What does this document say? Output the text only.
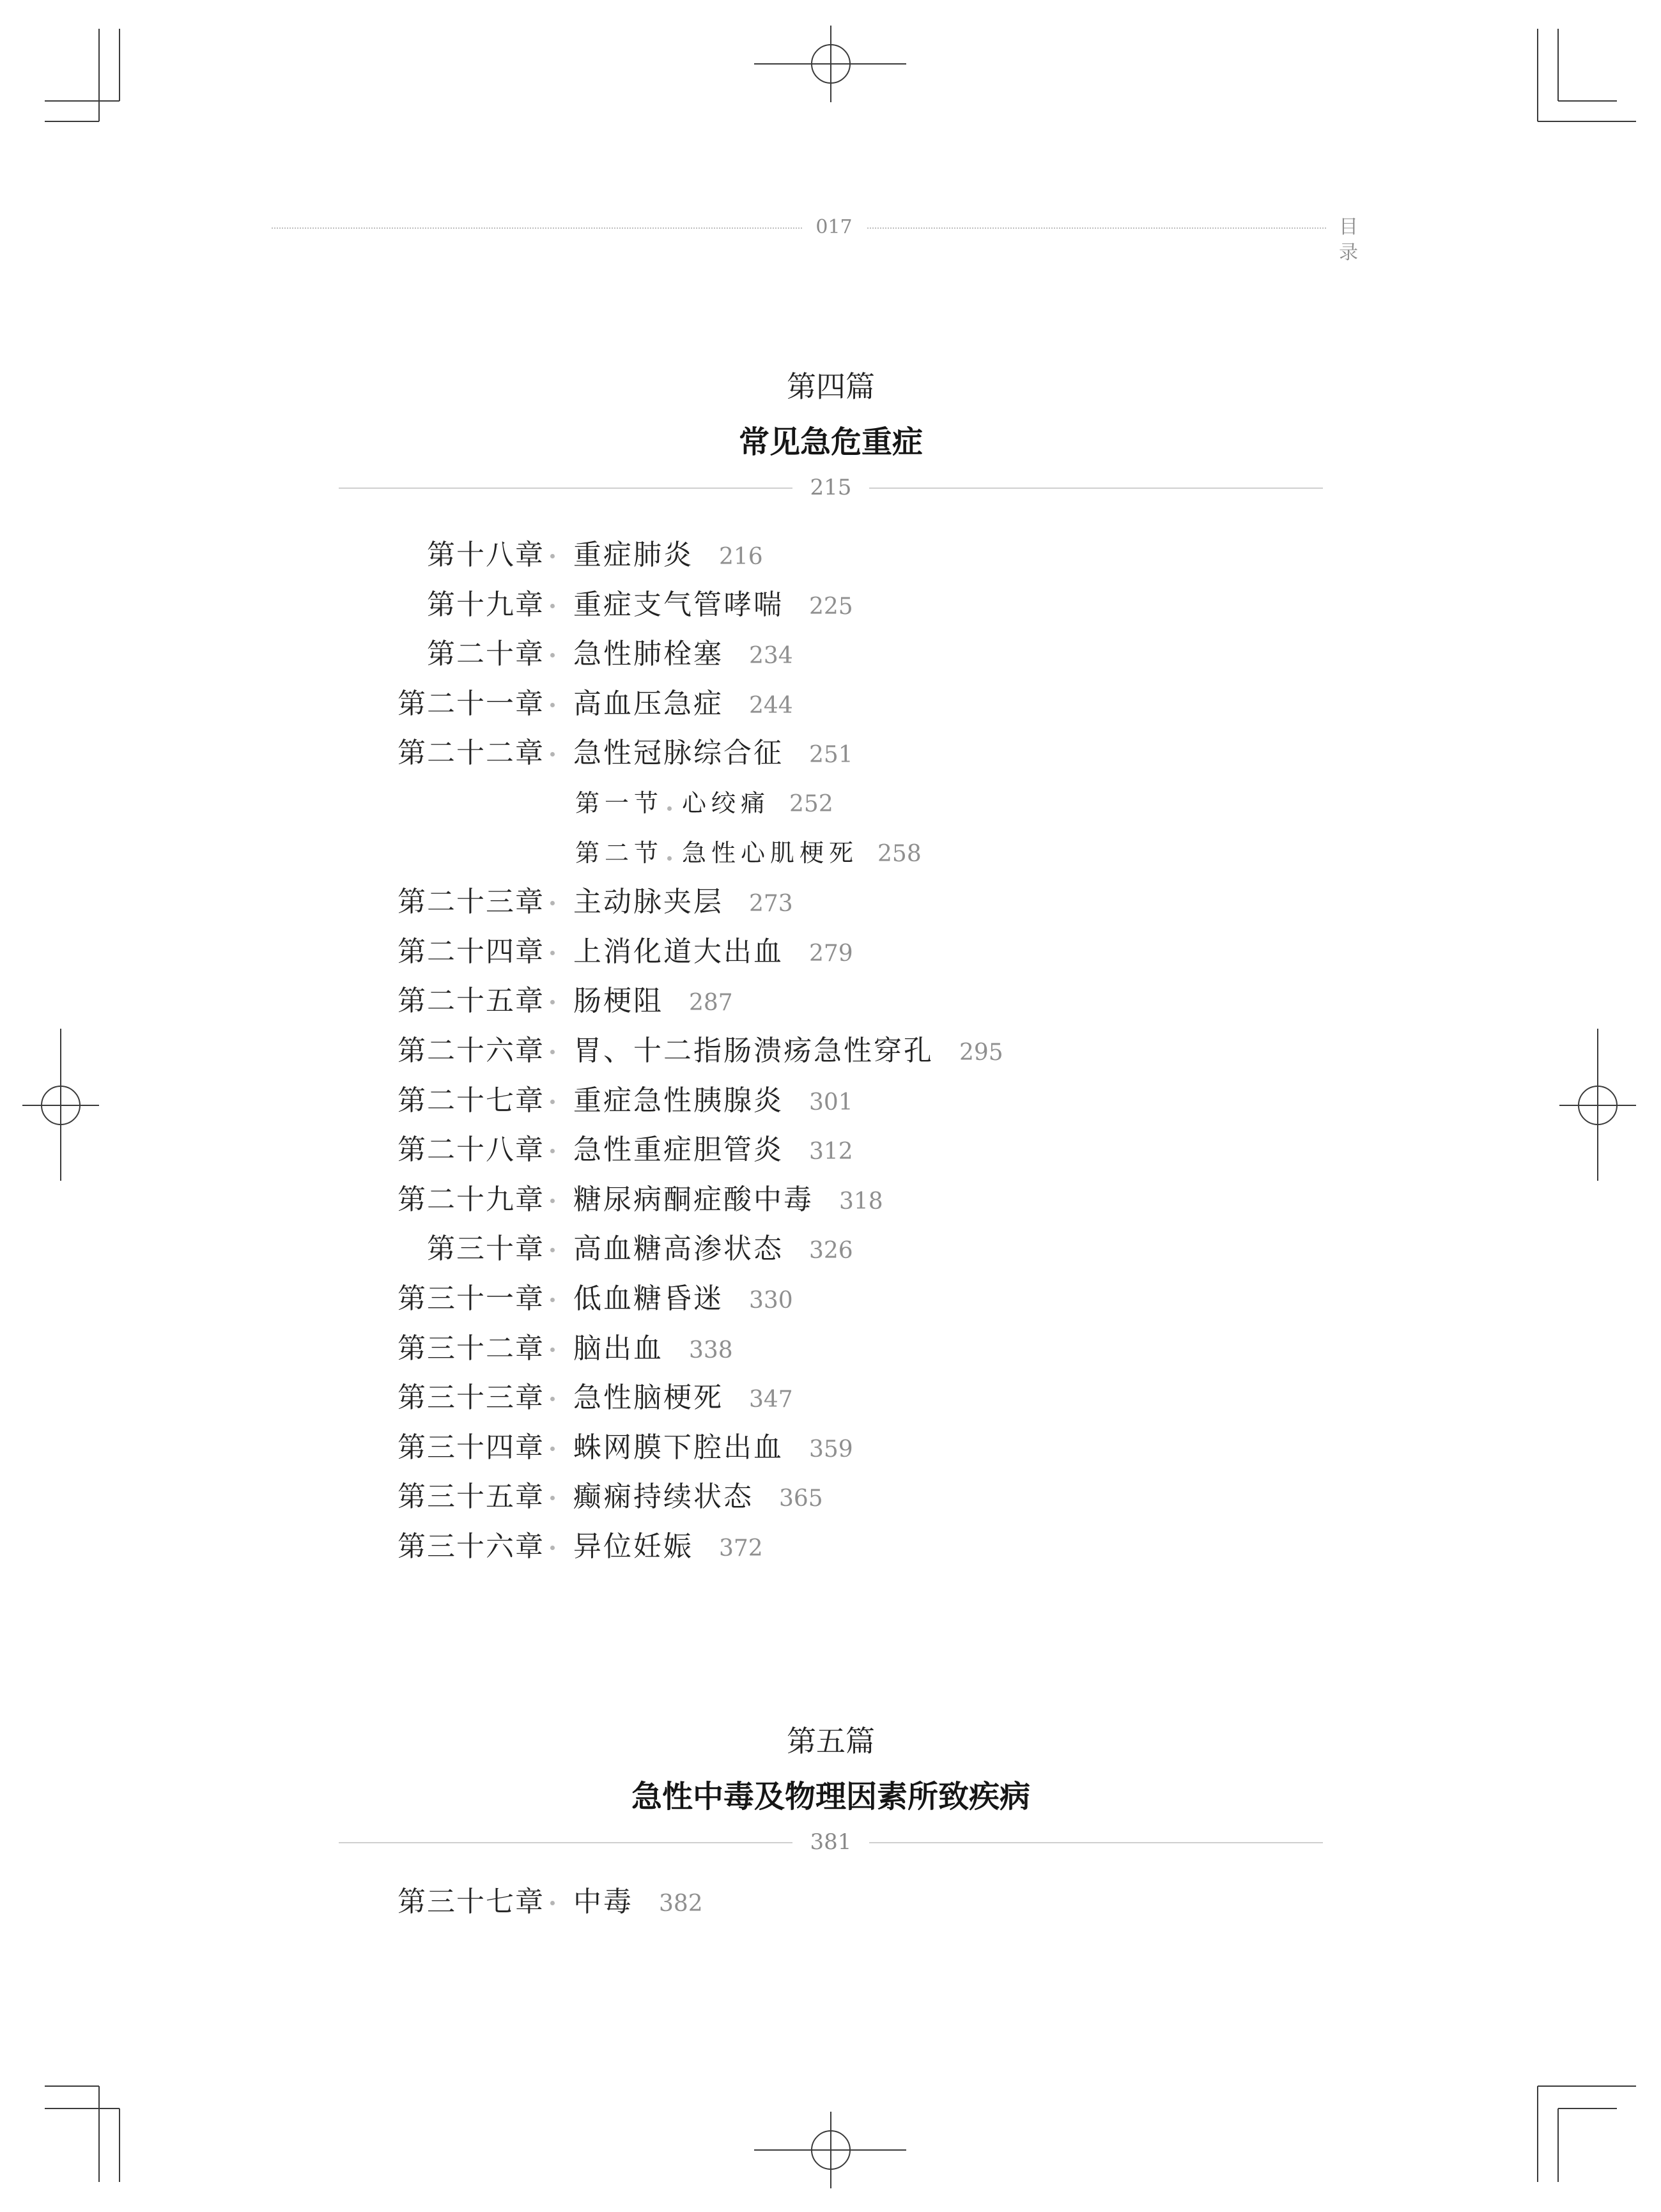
017	目 录
第四篇
常见急危重症
215
第十八章 重症肺炎 216
第十九章 重症支气管哮喘 225
第二十章 急性肺栓塞 234
第二十一章 高血压急症 244
第二十二章 急性冠脉综合征 251
第一节 心绞痛 252
第二节 急性心肌梗死 258
第二十三章 主动脉夹层 273
第二十四章 上消化道大出血 279
第二十五章 肠梗阻 287
第二十六章 胃、十二指肠溃疡急性穿孔 295
第二十七章 重症急性胰腺炎 301
第二十八章 急性重症胆管炎 312
第二十九章 糖尿病酮症酸中毒 318
第三十章 高血糖高渗状态 326
第三十一章 低血糖昏迷 330
第三十二章 脑出血 338
第三十三章 急性脑梗死 347
第三十四章 蛛网膜下腔出血 359
第三十五章 癫痫持续状态 365
第三十六章 异位妊娠 372
第五篇
急性中毒及物理因素所致疾病
381
第三十七章 中毒 382
